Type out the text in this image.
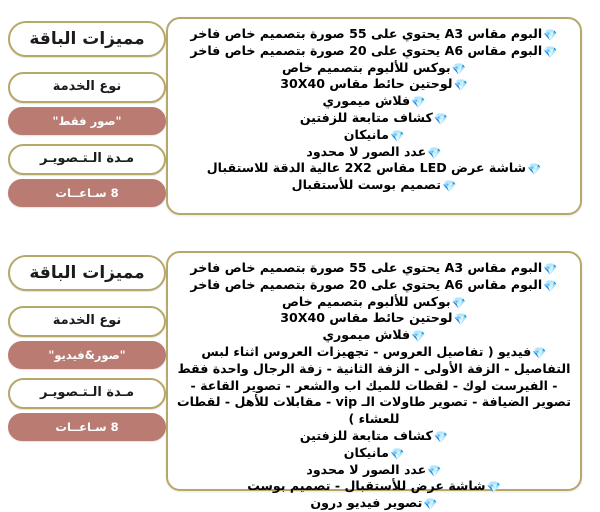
💎البوم مقاس A3 يحتوي على 55 صورة بتصميم خاص فاخر
💎البوم مقاس A6 يحتوي على 20 صورة بتصميم خاص فاخر
💎بوكس للألبوم بتصميم خاص
💎لوحتين حائط مقاس 30X40
💎فلاش ميموري
💎كشاف متابعة للزفتين
💎مانيكان
💎عدد الصور لا محدود
💎شاشة عرض LED مقاس 2X2 عالية الدقة للاستقبال
💎تصميم بوست للأستقبال
مميزات الباقة
نوع الخدمة
"صور فقط"
مـدة الـتـصويـر
8 سـاعــات
💎البوم مقاس A3 يحتوي على 55 صورة بتصميم خاص فاخر
💎البوم مقاس A6 يحتوي على 20 صورة بتصميم خاص فاخر
💎بوكس للألبوم بتصميم خاص
💎لوحتين حائط مقاس 30X40
💎فلاش ميموري
💎فيديو ( تفاصيل العروس - تجهيزات العروس اثناء لبس التفاصيل - الزفة الأولى - الزفة الثانية - زفة الرجال واحدة فقط - الفيرست لوك - لقطات للميك اب والشعر - تصوير القاعة - تصوير الضيافة - تصوير طاولات الـ vip - مقابلات للأهل - لقطات للعشاء )
💎كشاف متابعة للزفتين
💎مانيكان
💎عدد الصور لا محدود
💎شاشة عرض للأستقبال - تصميم بوست
💎تصوير فيديو درون
مميزات الباقة
نوع الخدمة
"صور&فيديو"
مـدة الـتـصويـر
8 سـاعــات
